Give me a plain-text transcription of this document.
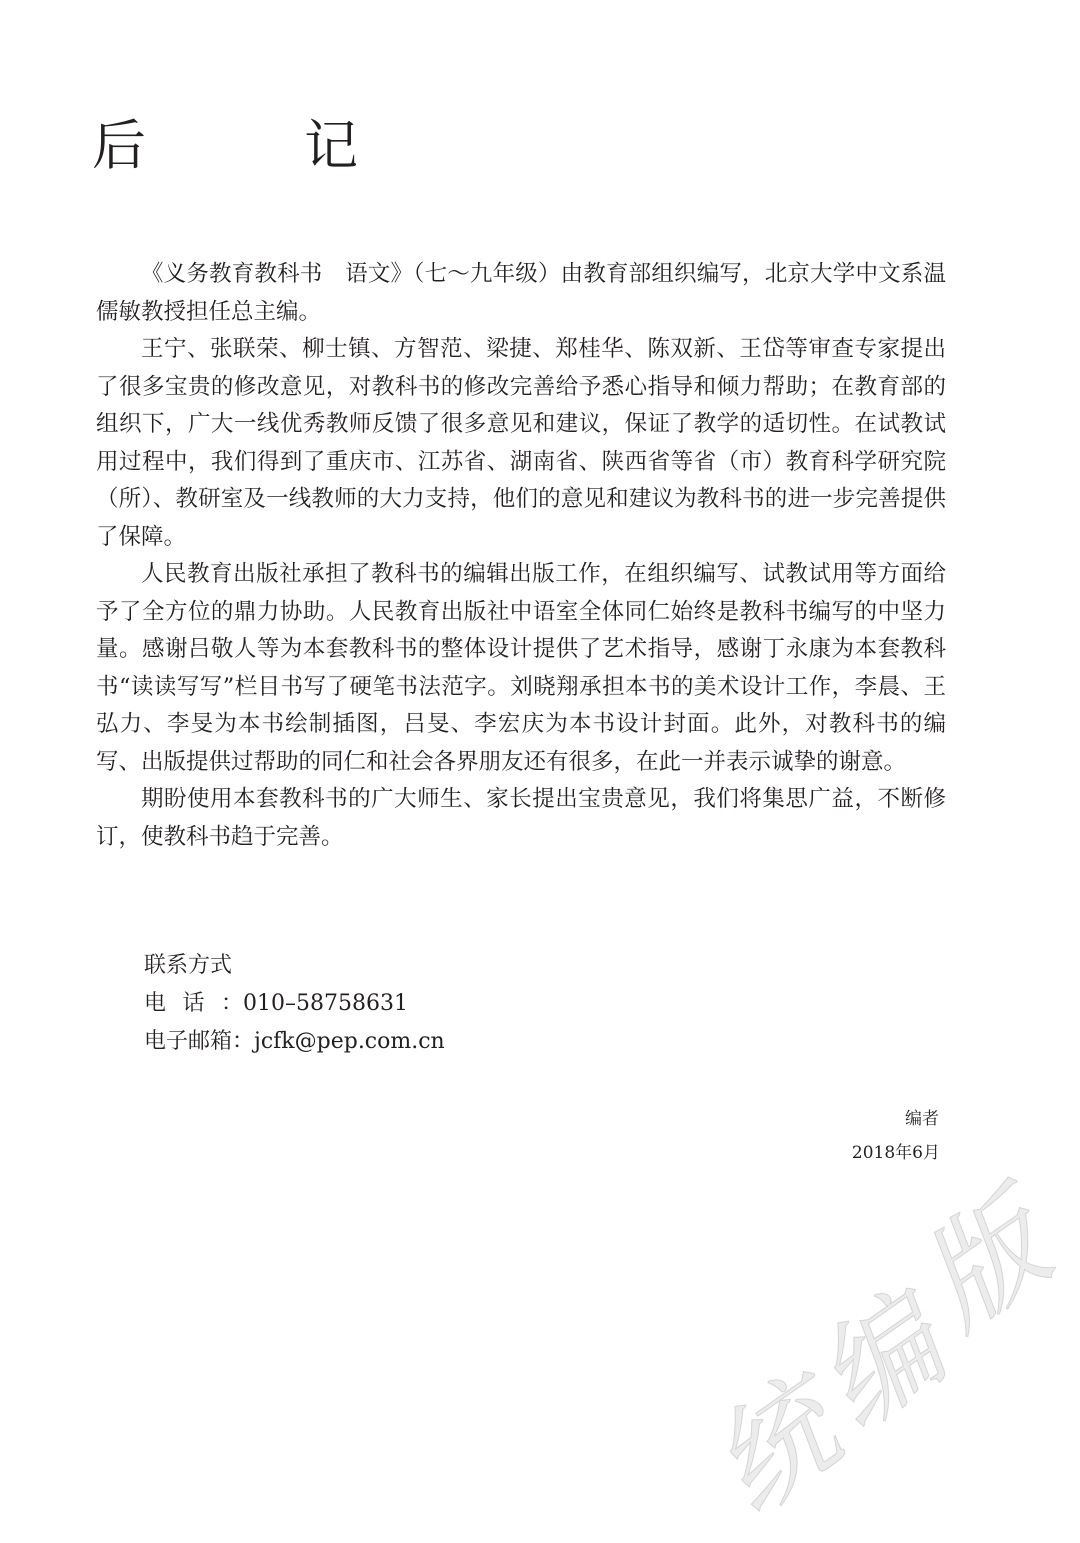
后　记

《义务教育教科书　语文》（七～九年级）由教育部组织编写，北京大学中文系温儒敏教授担任总主编。

王宁、张联荣、柳士镇、方智范、梁捷、郑桂华、陈双新、王岱等审查专家提出了很多宝贵的修改意见，对教科书的修改完善给予悉心指导和倾力帮助；在教育部的组织下，广大一线优秀教师反馈了很多意见和建议，保证了教学的适切性。在试教试用过程中，我们得到了重庆市、江苏省、湖南省、陕西省等省（市）教育科学研究院（所）、教研室及一线教师的大力支持，他们的意见和建议为教科书的进一步完善提供了保障。

人民教育出版社承担了教科书的编辑出版工作，在组织编写、试教试用等方面给予了全方位的鼎力协助。人民教育出版社中语室全体同仁始终是教科书编写的中坚力量。感谢吕敬人等为本套教科书的整体设计提供了艺术指导，感谢丁永康为本套教科书“读读写写”栏目书写了硬笔书法范字。刘晓翔承担本书的美术设计工作，李晨、王弘力、李旻为本书绘制插图，吕旻、李宏庆为本书设计封面。此外，对教科书的编写、出版提供过帮助的同仁和社会各界朋友还有很多，在此一并表示诚挚的谢意。

期盼使用本套教科书的广大师生、家长提出宝贵意见，我们将集思广益，不断修订，使教科书趋于完善。

联系方式
电话：010–58758631
电子邮箱：jcfk@pep.com.cn
编者
2018年6月
统
编
版
